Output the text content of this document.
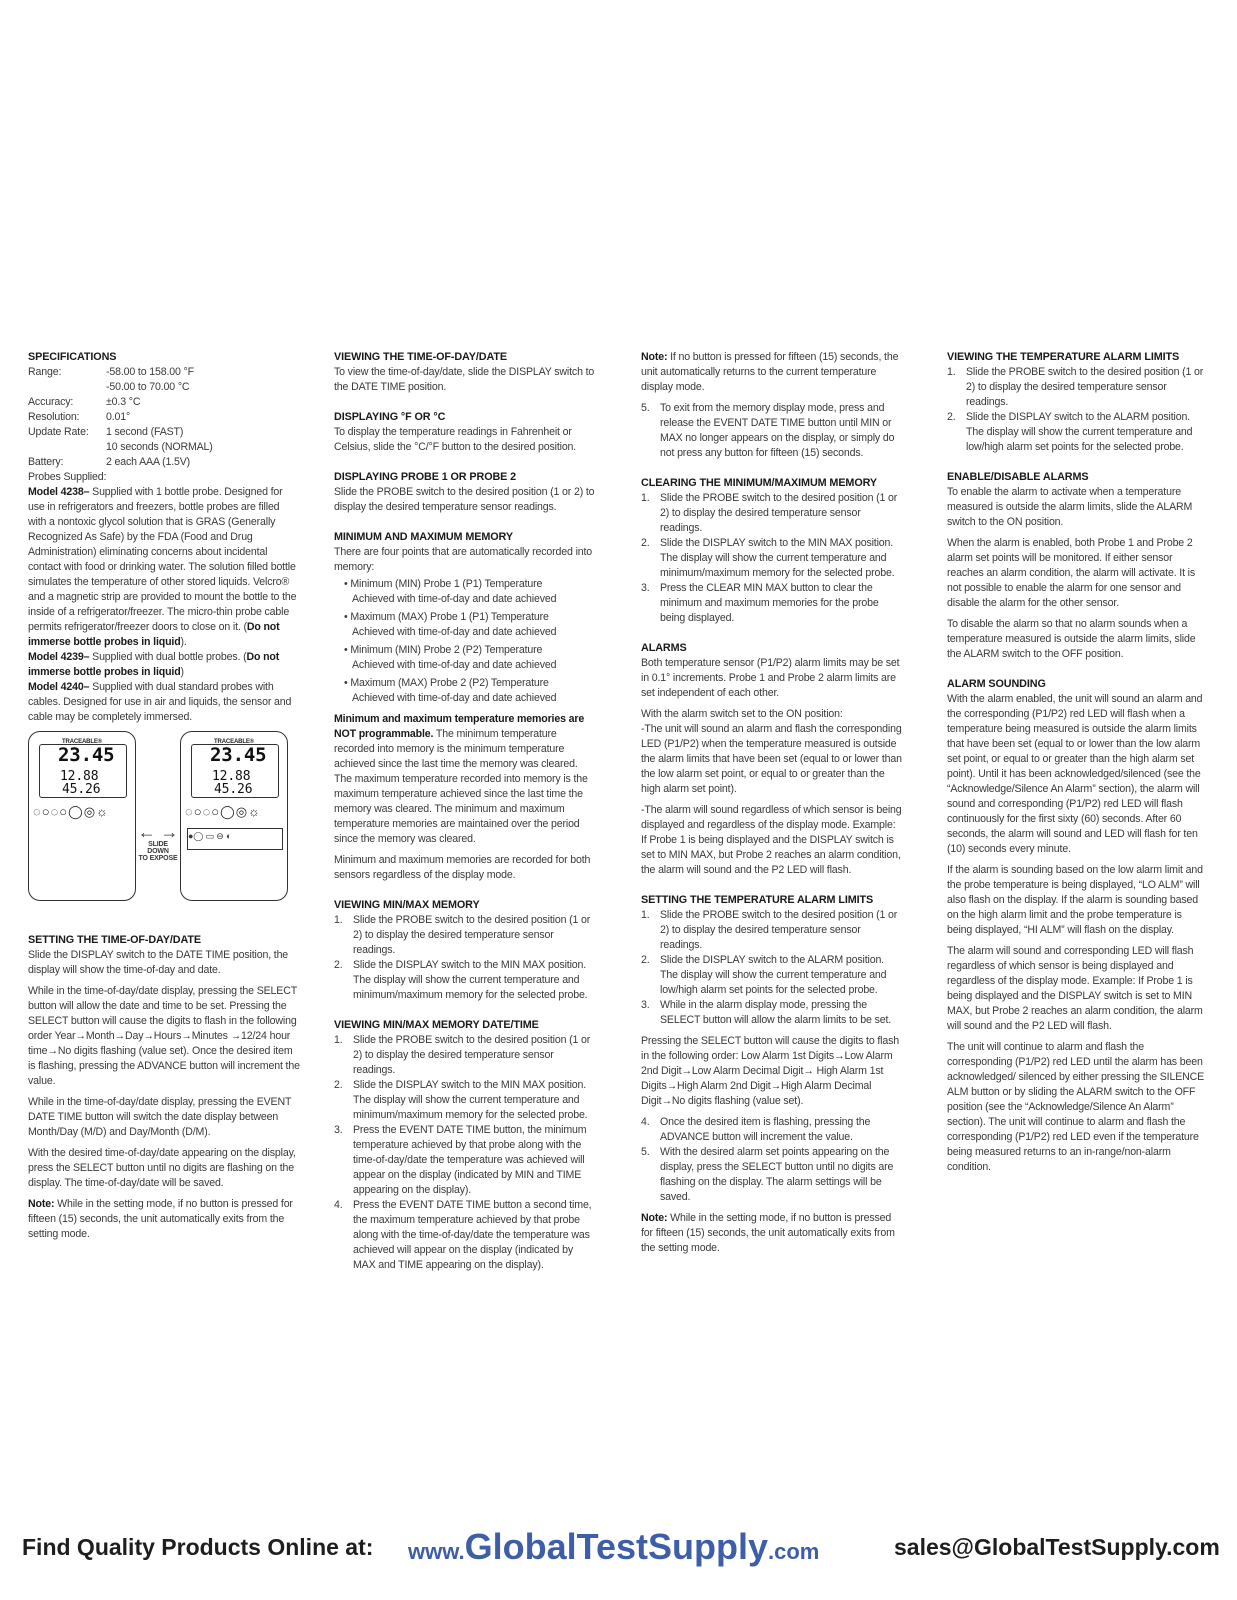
SPECIFICATIONS
Range:	-58.00 to 158.00 °F
-50.00 to 70.00 °C
Accuracy:	±0.3 °C
Resolution:	0.01°
Update Rate:	1 second (FAST)
10 seconds (NORMAL)
Battery:	2 each AAA (1.5V)
Probes Supplied:
Model 4238– Supplied with 1 bottle probe. Designed for use in refrigerators and freezers, bottle probes are filled with a nontoxic glycol solution that is GRAS (Generally Recognized As Safe) by the FDA (Food and Drug Administration) eliminating concerns about incidental contact with food or drinking water. The solution filled bottle simulates the temperature of other stored liquids. Velcro® and a magnetic strip are provided to mount the bottle to the inside of a refrigerator/freezer. The micro-thin probe cable permits refrigerator/freezer doors to close on it. (Do not immerse bottle probes in liquid).
Model 4239– Supplied with dual bottle probes. (Do not immerse bottle probes in liquid)
Model 4240– Supplied with dual standard probes with cables. Designed for use in air and liquids, the sensor and cable may be completely immersed.
TRACEABLE®
23.45
12.88
45.26
◌○◌○◯◎☼
← →
SLIDE
DOWN
TO EXPOSE
TRACEABLE®
23.45
12.88
45.26
◌○◌○◯◎☼
●◯ ▭ ⊖ ◐
SETTING THE TIME-OF-DAY/DATE

Slide the DISPLAY switch to the DATE TIME position, the display will show the time-of-day and date.

While in the time-of-day/date display, pressing the SELECT button will allow the date and time to be set. Pressing the SELECT button will cause the digits to flash in the following order Year→Month→Day→Hours→Minutes →12/24 hour time→No digits flashing (value set). Once the desired item is flashing, pressing the ADVANCE button will increment the value.

While in the time-of-day/date display, pressing the EVENT DATE TIME button will switch the date display between Month/Day (M/D) and Day/Month (D/M).

With the desired time-of-day/date appearing on the display, press the SELECT button until no digits are flashing on the display. The time-of-day/date will be saved.

Note: While in the setting mode, if no button is pressed for fifteen (15) seconds, the unit automatically exits from the setting mode.

VIEWING THE TIME-OF-DAY/DATE

To view the time-of-day/date, slide the DISPLAY switch to the DATE TIME position.

DISPLAYING °F OR °C

To display the temperature readings in Fahrenheit or Celsius, slide the °C/°F button to the desired position.

DISPLAYING PROBE 1 OR PROBE 2

Slide the PROBE switch to the desired position (1 or 2) to display the desired temperature sensor readings.

MINIMUM AND MAXIMUM MEMORY

There are four points that are automatically recorded into memory:

• Minimum (MIN) Probe 1 (P1) Temperature
Achieved with time-of-day and date achieved
• Maximum (MAX) Probe 1 (P1) Temperature
Achieved with time-of-day and date achieved
• Minimum (MIN) Probe 2 (P2) Temperature
Achieved with time-of-day and date achieved
• Maximum (MAX) Probe 2 (P2) Temperature
Achieved with time-of-day and date achieved

Minimum and maximum temperature memories are NOT programmable. The minimum temperature recorded into memory is the minimum temperature achieved since the last time the memory was cleared. The maximum temperature recorded into memory is the maximum temperature achieved since the last time the memory was cleared. The minimum and maximum temperature memories are maintained over the period since the memory was cleared.

Minimum and maximum memories are recorded for both sensors regardless of the display mode.

VIEWING MIN/MAX MEMORY
1. Slide the PROBE switch to the desired position (1 or 2) to display the desired temperature sensor readings.
2. Slide the DISPLAY switch to the MIN MAX position. The display will show the current temperature and minimum/maximum memory for the selected probe.
VIEWING MIN/MAX MEMORY DATE/TIME
1. Slide the PROBE switch to the desired position (1 or 2) to display the desired temperature sensor readings.
2. Slide the DISPLAY switch to the MIN MAX position. The display will show the current temperature and minimum/maximum memory for the selected probe.
3. Press the EVENT DATE TIME button, the minimum temperature achieved by that probe along with the time-of-day/date the temperature was achieved will appear on the display (indicated by MIN and TIME appearing on the display).
4. Press the EVENT DATE TIME button a second time, the maximum temperature achieved by that probe along with the time-of-day/date the temperature was achieved will appear on the display (indicated by MAX and TIME appearing on the display).

Note: If no button is pressed for fifteen (15) seconds, the unit automatically returns to the current temperature display mode.

5. To exit from the memory display mode, press and release the EVENT DATE TIME button until MIN or MAX no longer appears on the display, or simply do not press any button for fifteen (15) seconds.
CLEARING THE MINIMUM/MAXIMUM MEMORY
1. Slide the PROBE switch to the desired position (1 or 2) to display the desired temperature sensor readings.
2. Slide the DISPLAY switch to the MIN MAX position. The display will show the current temperature and minimum/maximum memory for the selected probe.
3. Press the CLEAR MIN MAX button to clear the minimum and maximum memories for the probe being displayed.
ALARMS

Both temperature sensor (P1/P2) alarm limits may be set in 0.1° increments. Probe 1 and Probe 2 alarm limits are set independent of each other.

With the alarm switch set to the ON position:

-The unit will sound an alarm and flash the corresponding LED (P1/P2) when the temperature measured is outside the alarm limits that have been set (equal to or lower than the low alarm set point, or equal to or greater than the high alarm set point).

-The alarm will sound regardless of which sensor is being displayed and regardless of the display mode. Example: If Probe 1 is being displayed and the DISPLAY switch is set to MIN MAX, but Probe 2 reaches an alarm condition, the alarm will sound and the P2 LED will flash.

SETTING THE TEMPERATURE ALARM LIMITS
1. Slide the PROBE switch to the desired position (1 or 2) to display the desired temperature sensor readings.
2. Slide the DISPLAY switch to the ALARM position. The display will show the current temperature and low/high alarm set points for the selected probe.
3. While in the alarm display mode, pressing the SELECT button will allow the alarm limits to be set.

Pressing the SELECT button will cause the digits to flash in the following order: Low Alarm 1st Digits→Low Alarm 2nd Digit→Low Alarm Decimal Digit→ High Alarm 1st Digits→High Alarm 2nd Digit→High Alarm Decimal Digit→No digits flashing (value set).

4. Once the desired item is flashing, pressing the ADVANCE button will increment the value.
5. With the desired alarm set points appearing on the display, press the SELECT button until no digits are flashing on the display. The alarm settings will be saved.

Note: While in the setting mode, if no button is pressed for fifteen (15) seconds, the unit automatically exits from the setting mode.

VIEWING THE TEMPERATURE ALARM LIMITS
1. Slide the PROBE switch to the desired position (1 or 2) to display the desired temperature sensor readings.
2. Slide the DISPLAY switch to the ALARM position. The display will show the current temperature and low/high alarm set points for the selected probe.
ENABLE/DISABLE ALARMS

To enable the alarm to activate when a temperature measured is outside the alarm limits, slide the ALARM switch to the ON position.

When the alarm is enabled, both Probe 1 and Probe 2 alarm set points will be monitored. If either sensor reaches an alarm condition, the alarm will activate. It is not possible to enable the alarm for one sensor and disable the alarm for the other sensor.

To disable the alarm so that no alarm sounds when a temperature measured is outside the alarm limits, slide the ALARM switch to the OFF position.

ALARM SOUNDING

With the alarm enabled, the unit will sound an alarm and the corresponding (P1/P2) red LED will flash when a temperature being measured is outside the alarm limits that have been set (equal to or lower than the low alarm set point, or equal to or greater than the high alarm set point). Until it has been acknowledged/silenced (see the “Acknowledge/Silence An Alarm” section), the alarm will sound and corresponding (P1/P2) red LED will flash continuously for the first sixty (60) seconds. After 60 seconds, the alarm will sound and LED will flash for ten (10) seconds every minute.

If the alarm is sounding based on the low alarm limit and the probe temperature is being displayed, “LO ALM” will also flash on the display. If the alarm is sounding based on the high alarm limit and the probe temperature is being displayed, “HI ALM” will flash on the display.

The alarm will sound and corresponding LED will flash regardless of which sensor is being displayed and regardless of the display mode. Example: If Probe 1 is being displayed and the DISPLAY switch is set to MIN MAX, but Probe 2 reaches an alarm condition, the alarm will sound and the P2 LED will flash.

The unit will continue to alarm and flash the corresponding (P1/P2) red LED until the alarm has been acknowledged/ silenced by either pressing the SILENCE ALM button or by sliding the ALARM switch to the OFF position (see the “Acknowledge/Silence An Alarm” section). The unit will continue to alarm and flash the corresponding (P1/P2) red LED even if the temperature being measured returns to an in-range/non-alarm condition.

Find Quality Products Online at: www.GlobalTestSupply.com	sales@GlobalTestSupply.com
